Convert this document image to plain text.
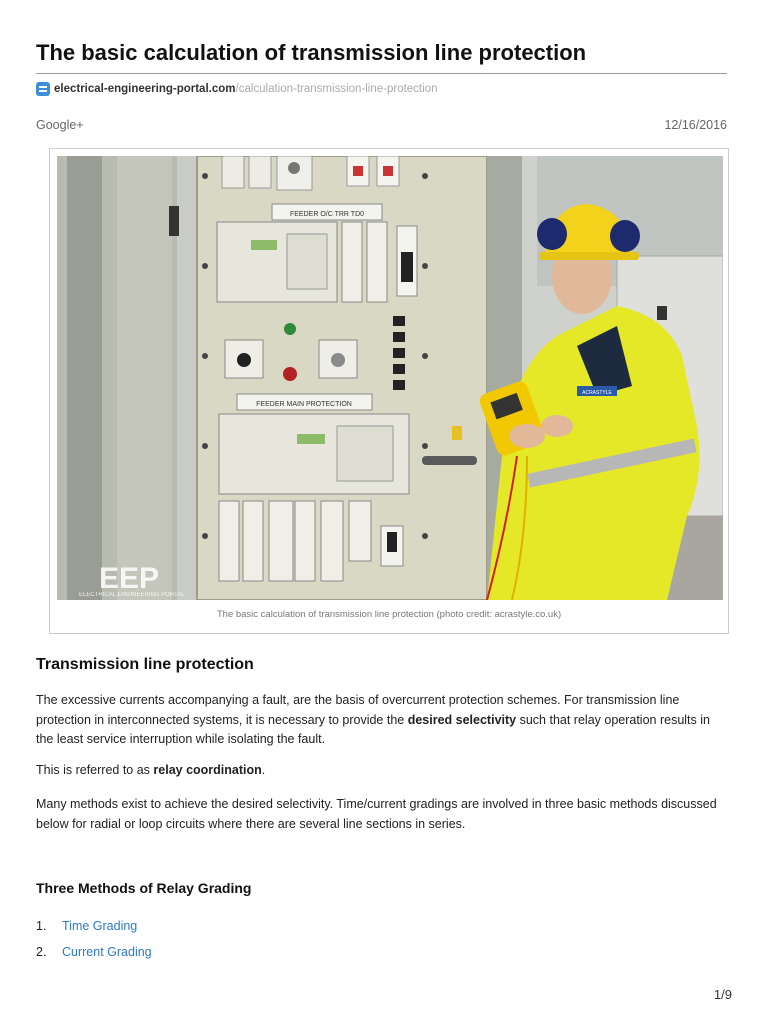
The basic calculation of transmission line protection
electrical-engineering-portal.com /calculation-transmission-line-protection
Google+	12/16/2016
FEEDER O/C TRR TD0
FEEDER MAIN PROTECTION
ACRASTYLE
EEP
ELECTRICAL ENGINEERING PORTAL
The basic calculation of transmission line protection (photo credit: acrastyle.co.uk)
Transmission line protection

The excessive currents accompanying a fault, are the basis of overcurrent protection schemes. For transmission line protection in interconnected systems, it is necessary to provide the desired selectivity such that relay operation results in the least service interruption while isolating the fault.

This is referred to as relay coordination.

Many methods exist to achieve the desired selectivity. Time/current gradings are involved in three basic methods discussed below for radial or loop circuits where there are several line sections in series.

Three Methods of Relay Grading
1. Time Grading
2. Current Grading
1/9
